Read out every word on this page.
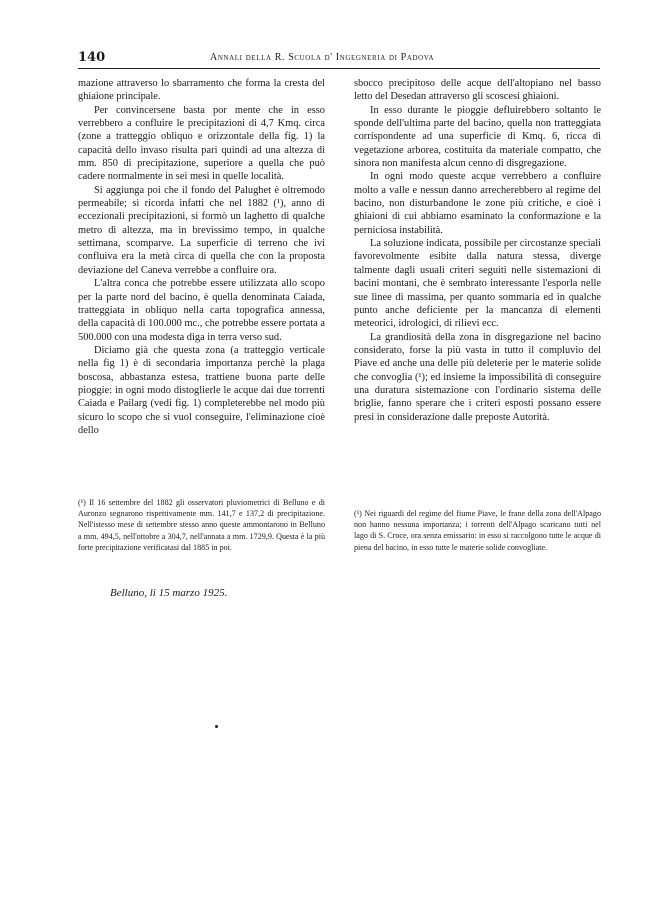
140	Annali della R. Scuola d' Ingegneria di Padova

mazione attraverso lo sbarramento che forma la cresta del ghiaione principale.

Per convincersene basta por mente che in esso verrebbero a confluire le precipitazioni di 4,7 Kmq. circa (zone a tratteggio obliquo e orizzontale della fig. 1) la capacità dello invaso risulta pari quindi ad una altezza di mm. 850 di precipitazione, superiore a quella che può cadere normalmente in sei mesi in quelle località.

Si aggiunga poi che il fondo del Palughet è oltremodo permeabile; si ricorda infatti che nel 1882 (¹), anno di eccezionali precipitazioni, si formò un laghetto di qualche metro di altezza, ma in brevissimo tempo, in qualche settimana, scomparve. La superficie di terreno che ivi confluiva era la metà circa di quella che con la proposta deviazione del Caneva verrebbe a confluire ora.

L'altra conca che potrebbe essere utilizzata allo scopo per la parte nord del bacino, è quella denominata Caiada, tratteggiata in obliquo nella carta topografica annessa, della capacità di 100.000 mc., che potrebbe essere portata a 500.000 con una modesta diga in terra verso sud.

Diciamo già che questa zona (a tratteggio verticale nella fig 1) è di secondaria importanza perchè la plaga boscosa, abbastanza estesa, trattiene buona parte delle pioggie: in ogni modo distoglierle le acque dai due torrenti Caiada e Pailarg (vedi fig. 1) completerebbe nel modo più sicuro lo scopo che si vuol conseguire, l'eliminazione cioè dello

sbocco precipitoso delle acque dell'altopiano nel basso letto del Desedan attraverso gli scoscesi ghiaioni.

In esso durante le pioggie defluirebbero soltanto le sponde dell'ultima parte del bacino, quella non tratteggiata corrispondente ad una superficie di Kmq. 6, ricca di vegetazione arborea, costituita da materiale compatto, che sinora non manifesta alcun cenno di disgregazione.

In ogni modo queste acque verrebbero a confluire molto a valle e nessun danno arrecherebbero al regime del bacino, non disturbandone le zone più critiche, e cioè i ghiaioni di cui abbiamo esaminato la conformazione e la perniciosa instabilità.

La soluzione indicata, possibile per circostanze speciali favorevolmente esibite dalla natura stessa, diverge talmente dagli usuali criteri seguiti nelle sistemazioni di bacini montani, che è sembrato interessante l'esporla nelle sue linee di massima, per quanto sommaria ed in qualche punto anche deficiente per la mancanza di elementi meteorici, idrologici, di rilievi ecc.

La grandiosità della zona in disgregazione nel bacino considerato, forse la più vasta in tutto il compluvio del Piave ed anche una delle più deleterie per le materie solide che convoglia (¹); ed insieme la impossibilità di conseguire una duratura sistemazione con l'ordinario sistema delle briglie, fanno sperare che i criteri esposti possano essere presi in considerazione dalle preposte Autorità.

(¹) Il 16 settembre del 1882 gli osservatori pluviometrici di Belluno e di Auronzo segnarono rispettivamente mm. 141,7 e 137,2 di precipitazione. Nell'istesso mese di settembre stesso anno queste ammontarono in Belluno a mm. 494,5, nell'ottobre a 304,7, nell'annata a mm. 1729,9. Questa è la più forte precipitazione verificatasi dal 1885 in poi.
(¹) Nei riguardi del regime del fiume Piave, le frane della zona dell'Alpago non hanno nessuna importanza; i torrenti dell'Alpago scaricano tutti nel lago di S. Croce, ora senza emissario: in esso si raccolgono tutte le acque di piena del bacino, in esso tutte le materie solide convogliate.
Belluno, li 15 marzo 1925.
